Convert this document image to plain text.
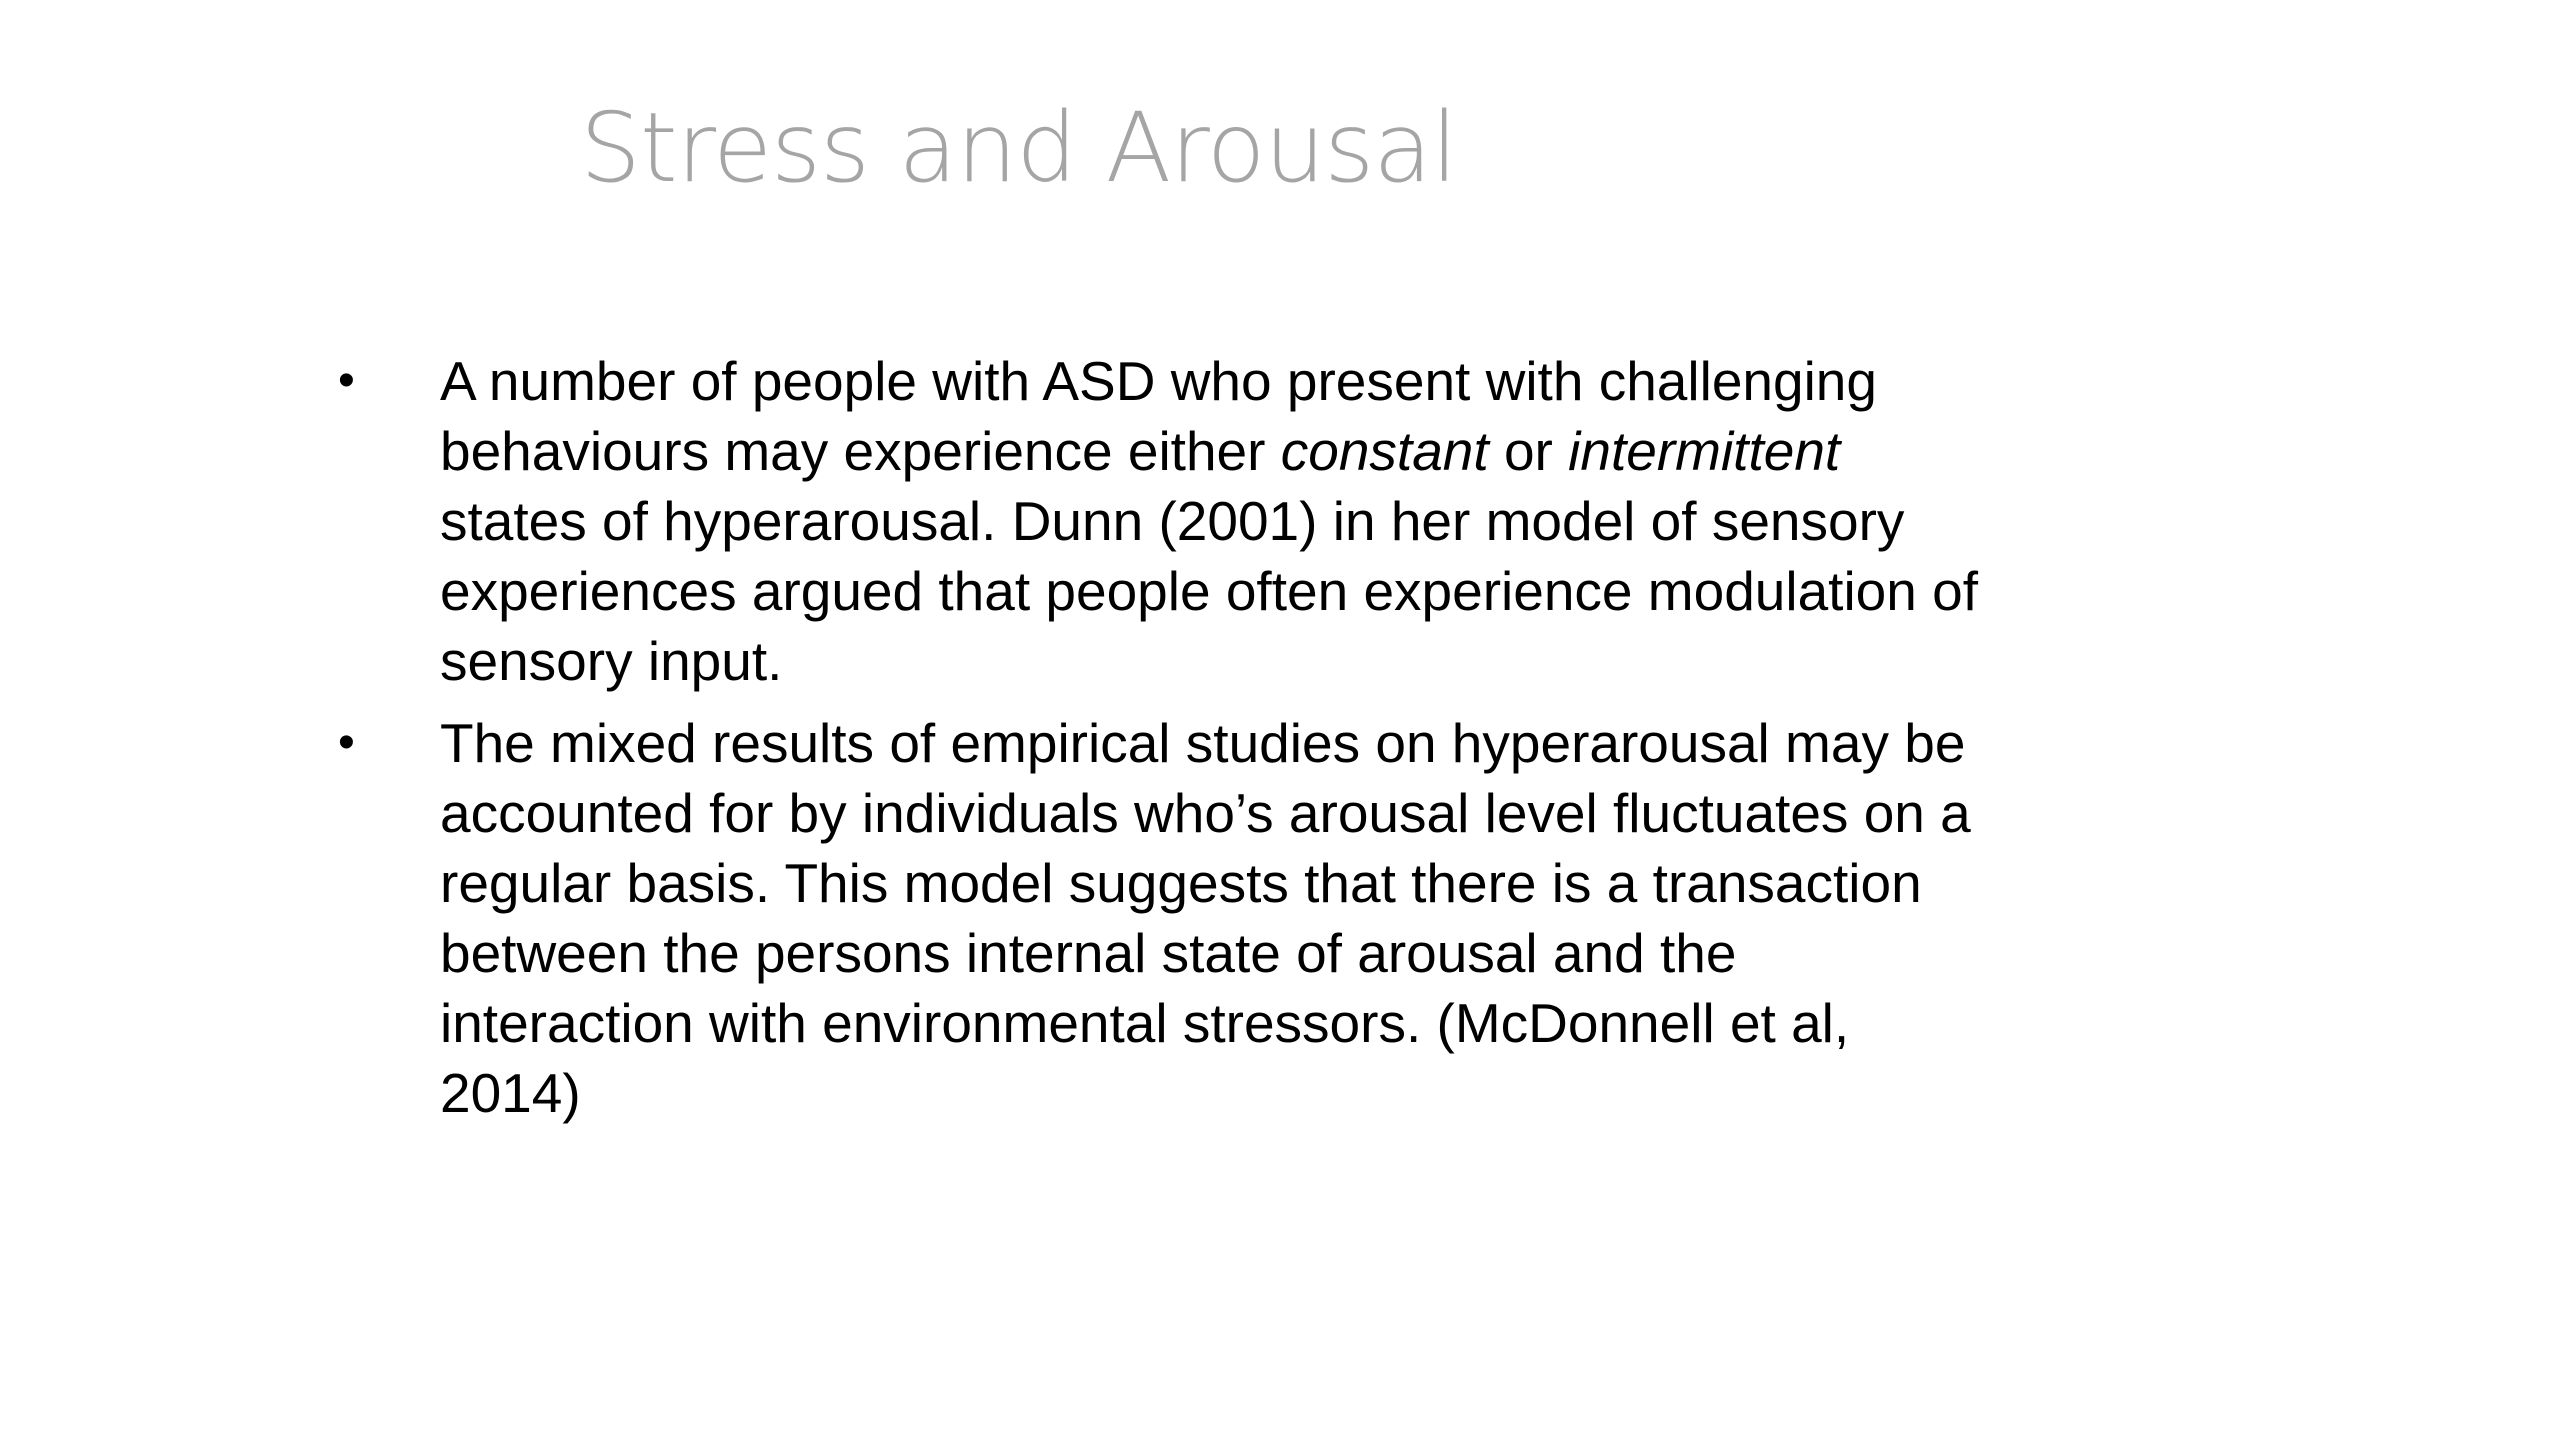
Stress and Arousal
• A number of people with ASD who present with challenging behaviours may experience either constant or intermittent states of hyperarousal. Dunn (2001) in her model of sensory experiences argued that people often experience modulation of sensory input.
• The mixed results of empirical studies on hyperarousal may be accounted for by individuals who’s arousal level fluctuates on a regular basis. This model suggests that there is a transaction between the persons internal state of arousal and the interaction with environmental stressors. (McDonnell et al, 2014)
